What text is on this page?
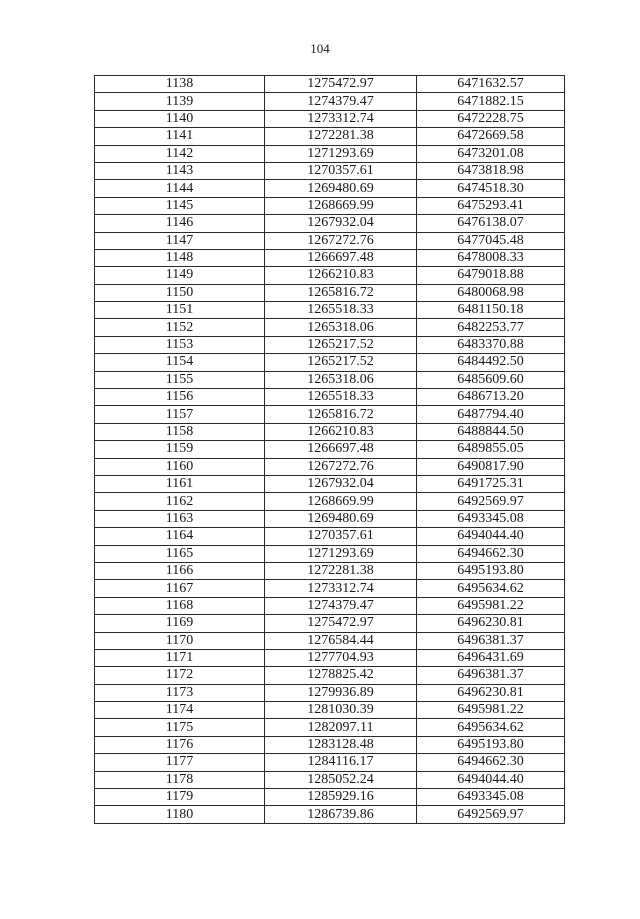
104
1138	1275472.97	6471632.57
1139	1274379.47	6471882.15
1140	1273312.74	6472228.75
1141	1272281.38	6472669.58
1142	1271293.69	6473201.08
1143	1270357.61	6473818.98
1144	1269480.69	6474518.30
1145	1268669.99	6475293.41
1146	1267932.04	6476138.07
1147	1267272.76	6477045.48
1148	1266697.48	6478008.33
1149	1266210.83	6479018.88
1150	1265816.72	6480068.98
1151	1265518.33	6481150.18
1152	1265318.06	6482253.77
1153	1265217.52	6483370.88
1154	1265217.52	6484492.50
1155	1265318.06	6485609.60
1156	1265518.33	6486713.20
1157	1265816.72	6487794.40
1158	1266210.83	6488844.50
1159	1266697.48	6489855.05
1160	1267272.76	6490817.90
1161	1267932.04	6491725.31
1162	1268669.99	6492569.97
1163	1269480.69	6493345.08
1164	1270357.61	6494044.40
1165	1271293.69	6494662.30
1166	1272281.38	6495193.80
1167	1273312.74	6495634.62
1168	1274379.47	6495981.22
1169	1275472.97	6496230.81
1170	1276584.44	6496381.37
1171	1277704.93	6496431.69
1172	1278825.42	6496381.37
1173	1279936.89	6496230.81
1174	1281030.39	6495981.22
1175	1282097.11	6495634.62
1176	1283128.48	6495193.80
1177	1284116.17	6494662.30
1178	1285052.24	6494044.40
1179	1285929.16	6493345.08
1180	1286739.86	6492569.97
